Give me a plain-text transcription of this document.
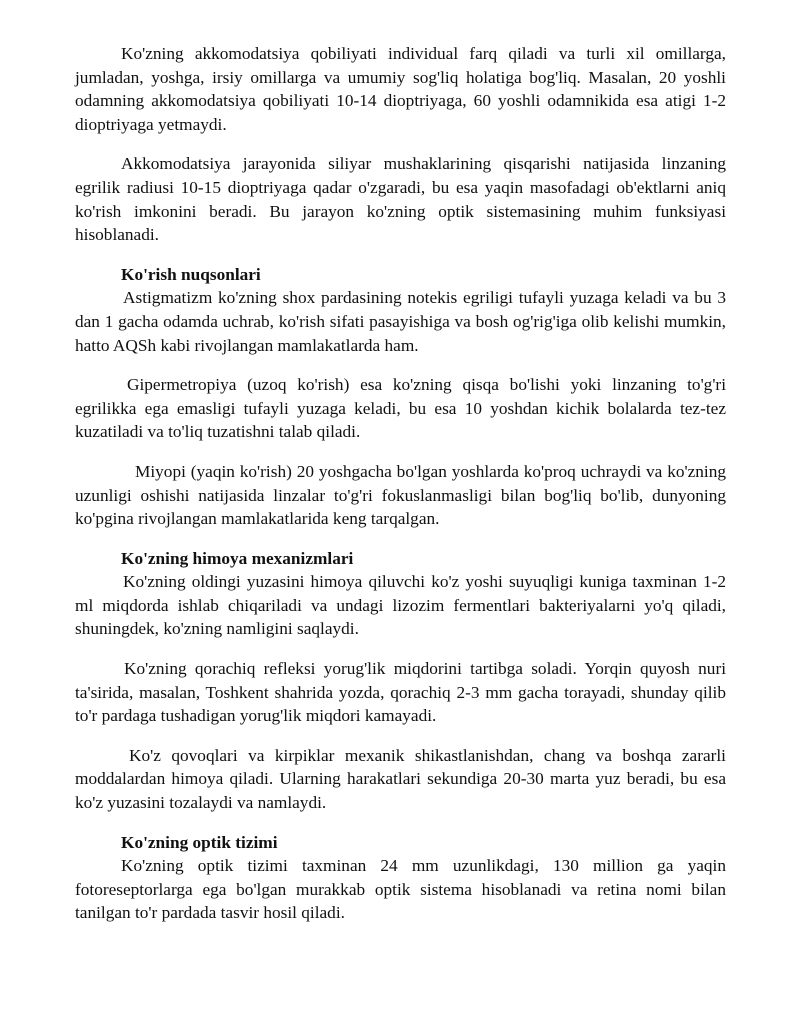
Ko'zning akkomodatsiya qobiliyati individual farq qiladi va turli xil omillarga, jumladan, yoshga, irsiy omillarga va umumiy sog'liq holatiga bog'liq. Masalan, 20 yoshli odamning akkomodatsiya qobiliyati 10-14 dioptriyaga, 60 yoshli odamnikida esa atigi 1-2 dioptriyaga yetmaydi.

Akkomodatsiya jarayonida siliyar mushaklarining qisqarishi natijasida linzaning egrilik radiusi 10-15 dioptriyaga qadar o'zgaradi, bu esa yaqin masofadagi ob'ektlarni aniq ko'rish imkonini beradi. Bu jarayon ko'zning optik sistemasining muhim funksiyasi hisoblanadi.

Ko'rish nuqsonlari

Astigmatizm ko'zning shox pardasining notekis egriligi tufayli yuzaga keladi va bu 3 dan 1 gacha odamda uchrab, ko'rish sifati pasayishiga va bosh og'rig'iga olib kelishi mumkin, hatto AQSh kabi rivojlangan mamlakatlarda ham.

Gipermetropiya (uzoq ko'rish) esa ko'zning qisqa bo'lishi yoki linzaning to'g'ri egrilikka ega emasligi tufayli yuzaga keladi, bu esa 10 yoshdan kichik bolalarda tez-tez kuzatiladi va to'liq tuzatishni talab qiladi.

Miyopi (yaqin ko'rish) 20 yoshgacha bo'lgan yoshlarda ko'proq uchraydi va ko'zning uzunligi oshishi natijasida linzalar to'g'ri fokuslanmasligi bilan bog'liq bo'lib, dunyoning ko'pgina rivojlangan mamlakatlarida keng tarqalgan.

Ko'zning himoya mexanizmlari

Ko'zning oldingi yuzasini himoya qiluvchi ko'z yoshi suyuqligi kuniga taxminan 1-2 ml miqdorda ishlab chiqariladi va undagi lizozim fermentlari bakteriyalarni yo'q qiladi, shuningdek, ko'zning namligini saqlaydi.

Ko'zning qorachiq refleksi yorug'lik miqdorini tartibga soladi. Yorqin quyosh nuri ta'sirida, masalan, Toshkent shahrida yozda, qorachiq 2-3 mm gacha torayadi, shunday qilib to'r pardaga tushadigan yorug'lik miqdori kamayadi.

Ko'z qovoqlari va kirpiklar mexanik shikastlanishdan, chang va boshqa zararli moddalardan himoya qiladi. Ularning harakatlari sekundiga 20-30 marta yuz beradi, bu esa ko'z yuzasini tozalaydi va namlaydi.

Ko'zning optik tizimi

Ko'zning optik tizimi taxminan 24 mm uzunlikdagi, 130 million ga yaqin fotoreseptorlarga ega bo'lgan murakkab optik sistema hisoblanadi va retina nomi bilan tanilgan to'r pardada tasvir hosil qiladi.
